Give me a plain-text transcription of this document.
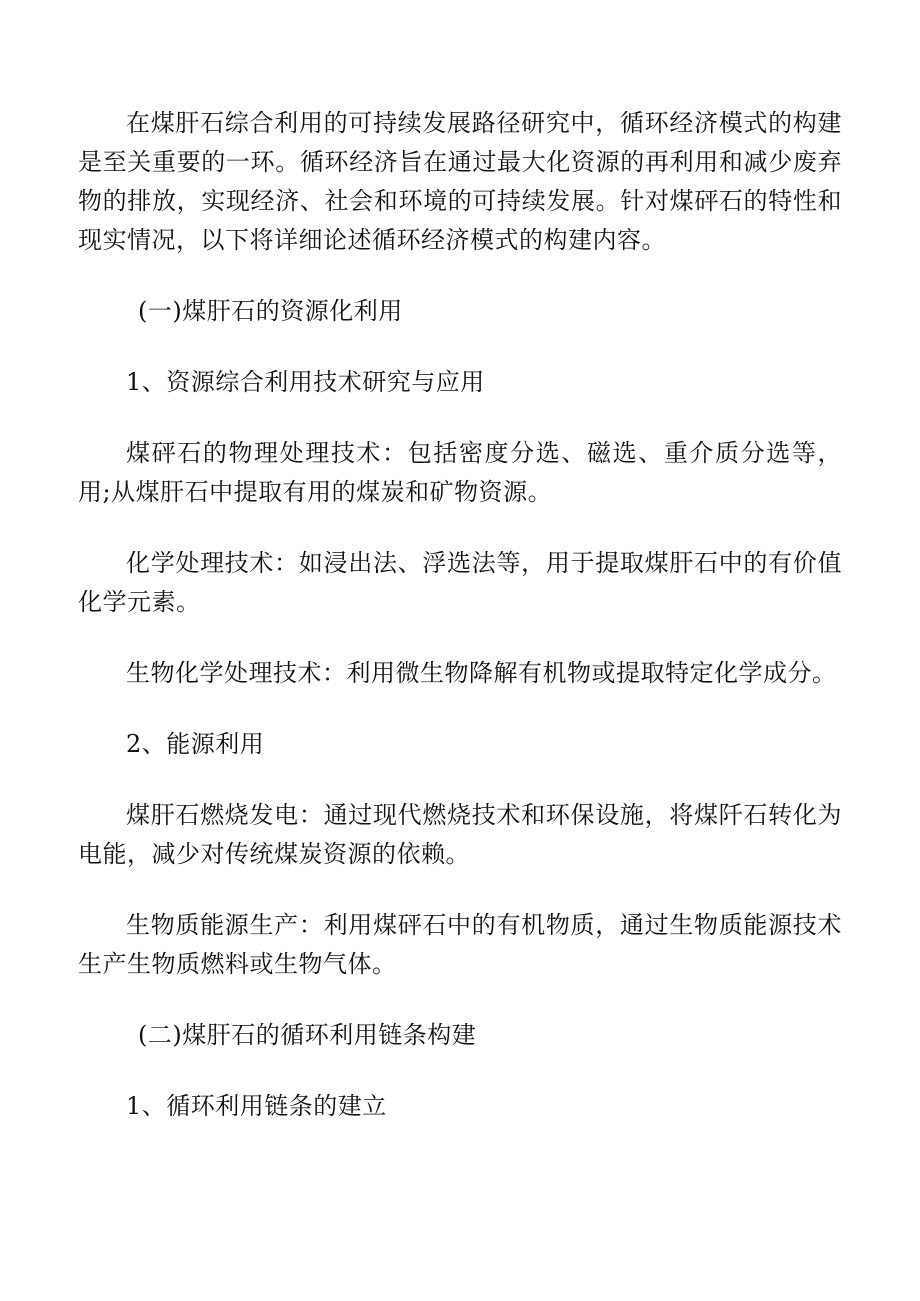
在煤肝石综合利用的可持续发展路径研究中，循环经济模式的构建是至关重要的一环。循环经济旨在通过最大化资源的再利用和减少废弃物的排放，实现经济、社会和环境的可持续发展。针对煤砰石的特性和现实情况，以下将详细论述循环经济模式的构建内容。

(一)煤肝石的资源化利用

1、资源综合利用技术研究与应用

煤砰石的物理处理技术：包括密度分选、磁选、重介质分选等，用;从煤肝石中提取有用的煤炭和矿物资源。

化学处理技术：如浸出法、浮选法等，用于提取煤肝石中的有价值化学元素。

生物化学处理技术：利用微生物降解有机物或提取特定化学成分。

2、能源利用

煤肝石燃烧发电：通过现代燃烧技术和环保设施，将煤阡石转化为电能，减少对传统煤炭资源的依赖。

生物质能源生产：利用煤砰石中的有机物质，通过生物质能源技术生产生物质燃料或生物气体。

(二)煤肝石的循环利用链条构建

1、循环利用链条的建立
